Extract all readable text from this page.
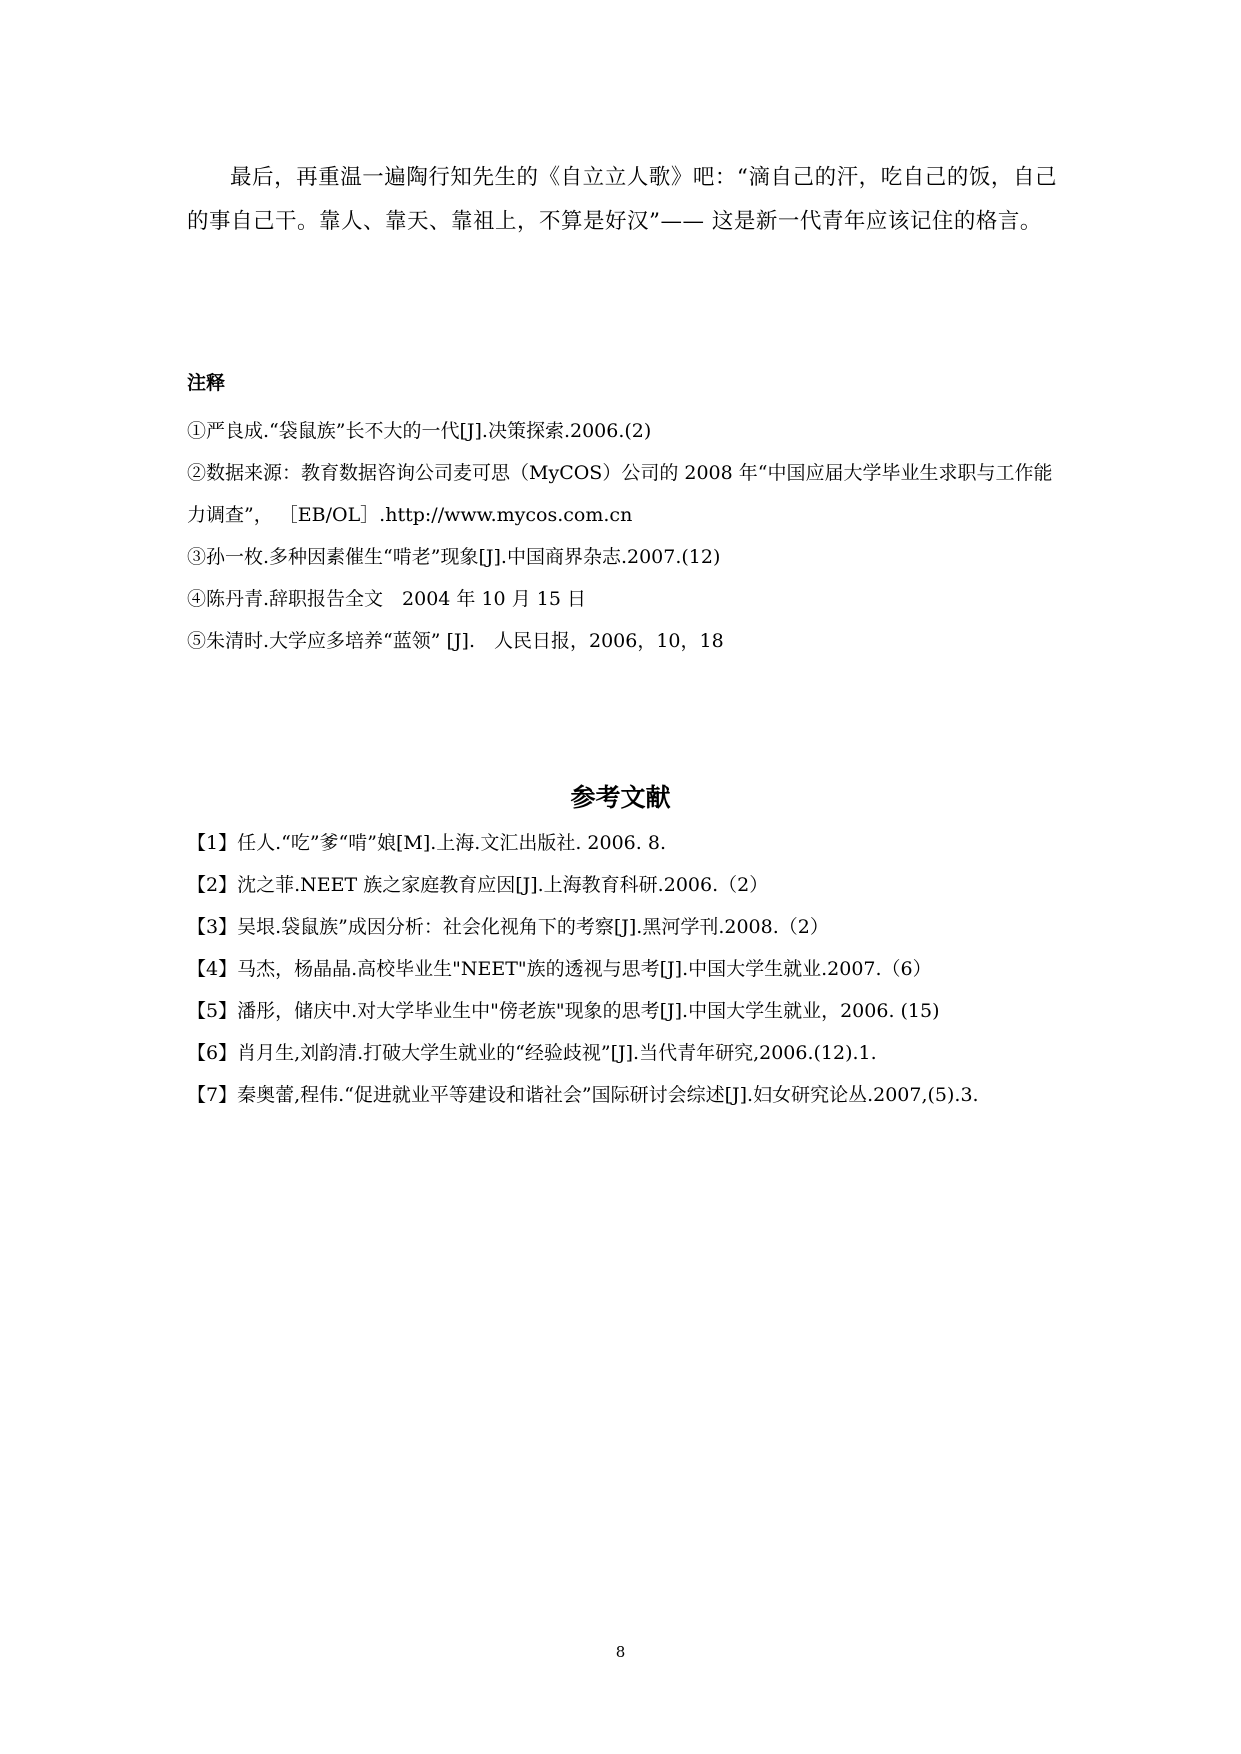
最后，再重温一遍陶行知先生的《自立立人歌》吧：“滴自己的汗，吃自己的饭，自己的事自己干。靠人、靠天、靠祖上，不算是好汉”—— 这是新一代青年应该记住的格言。

注释
①严良成.“袋鼠族”长不大的一代[J].决策探索.2006.(2)
②数据来源：教育数据咨询公司麦可思（MyCOS）公司的 2008 年“中国应届大学毕业生求职与工作能力调查”， ［EB/OL］.http://www.mycos.com.cn
③孙一枚.多种因素催生“啃老”现象[J].中国商界杂志.2007.(12)
④陈丹青.辞职报告全文　2004 年 10 月 15 日
⑤朱清时.大学应多培养“蓝领” [J].　人民日报，2006，10，18
参考文献
【1】任人.“吃”爹“啃”娘[M].上海.文汇出版社. 2006. 8.
【2】沈之菲.NEET 族之家庭教育应因[J].上海教育科研.2006.（2）
【3】吴垠.袋鼠族”成因分析：社会化视角下的考察[J].黑河学刊.2008.（2）
【4】马杰，杨晶晶.高校毕业生"NEET"族的透视与思考[J].中国大学生就业.2007.（6）
【5】潘彤，储庆中.对大学毕业生中"傍老族"现象的思考[J].中国大学生就业，2006. (15)
【6】肖月生,刘韵清.打破大学生就业的“经验歧视”[J].当代青年研究,2006.(12).1.
【7】秦奥蕾,程伟.“促进就业平等建设和谐社会”国际研讨会综述[J].妇女研究论丛.2007,(5).3.
8
